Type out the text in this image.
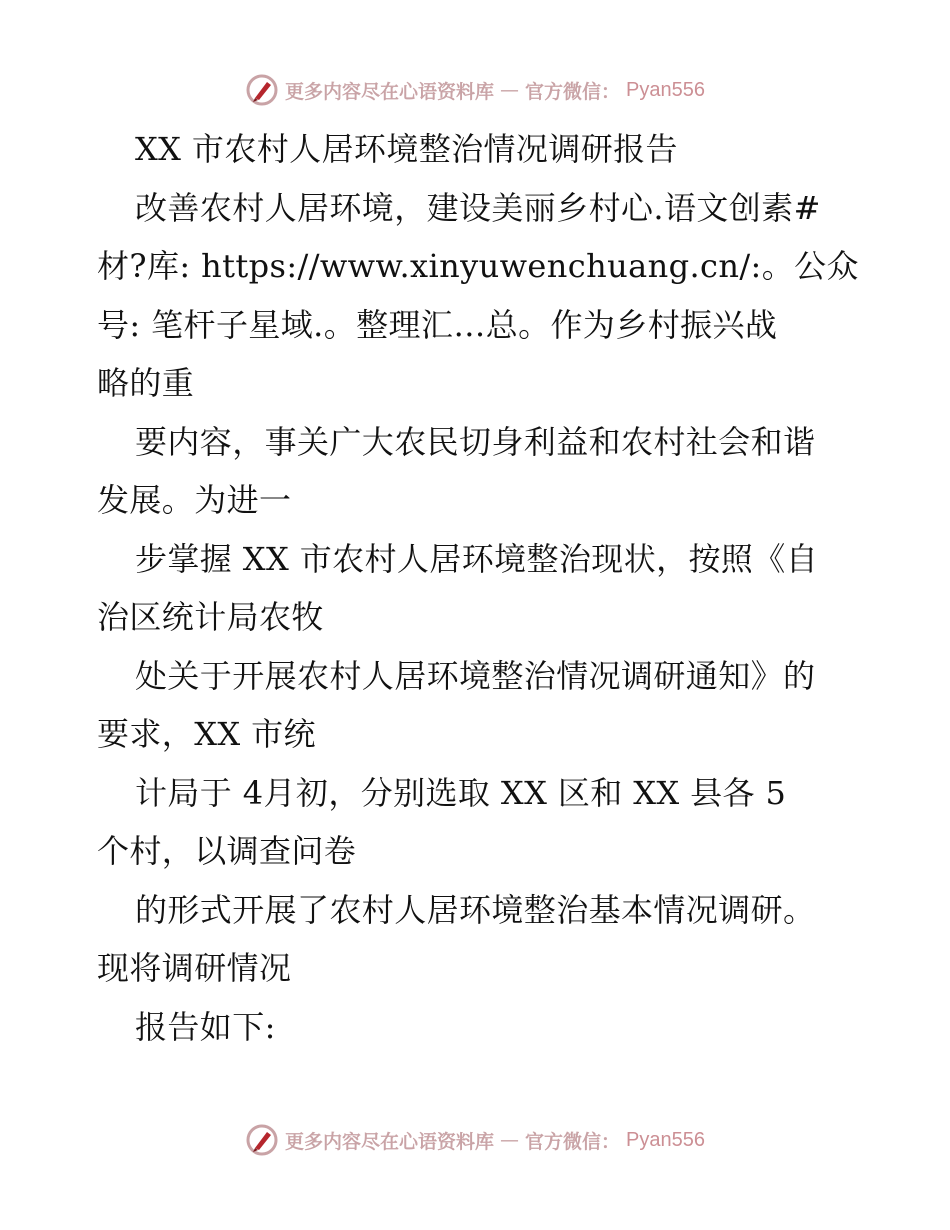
更多内容尽在心语资料库 — 官方微信： Pyan556
XX 市农村人居环境整治情况调研报告
改善农村人居环境，建设美丽乡村心.语文创素#
材?库: https://www.xinyuwenchuang.cn/:。公众
号: 笔杆子星域.。整理汇…总。作为乡村振兴战
略的重
要内容，事关广大农民切身利益和农村社会和谐
发展。为进一
步掌握 XX 市农村人居环境整治现状，按照《自
治区统计局农牧
处关于开展农村人居环境整治情况调研通知》的
要求，XX 市统
计局于 4月初，分别选取 XX 区和 XX 县各 5
个村，以调查问卷
的形式开展了农村人居环境整治基本情况调研。
现将调研情况
报告如下:
更多内容尽在心语资料库 — 官方微信： Pyan556
